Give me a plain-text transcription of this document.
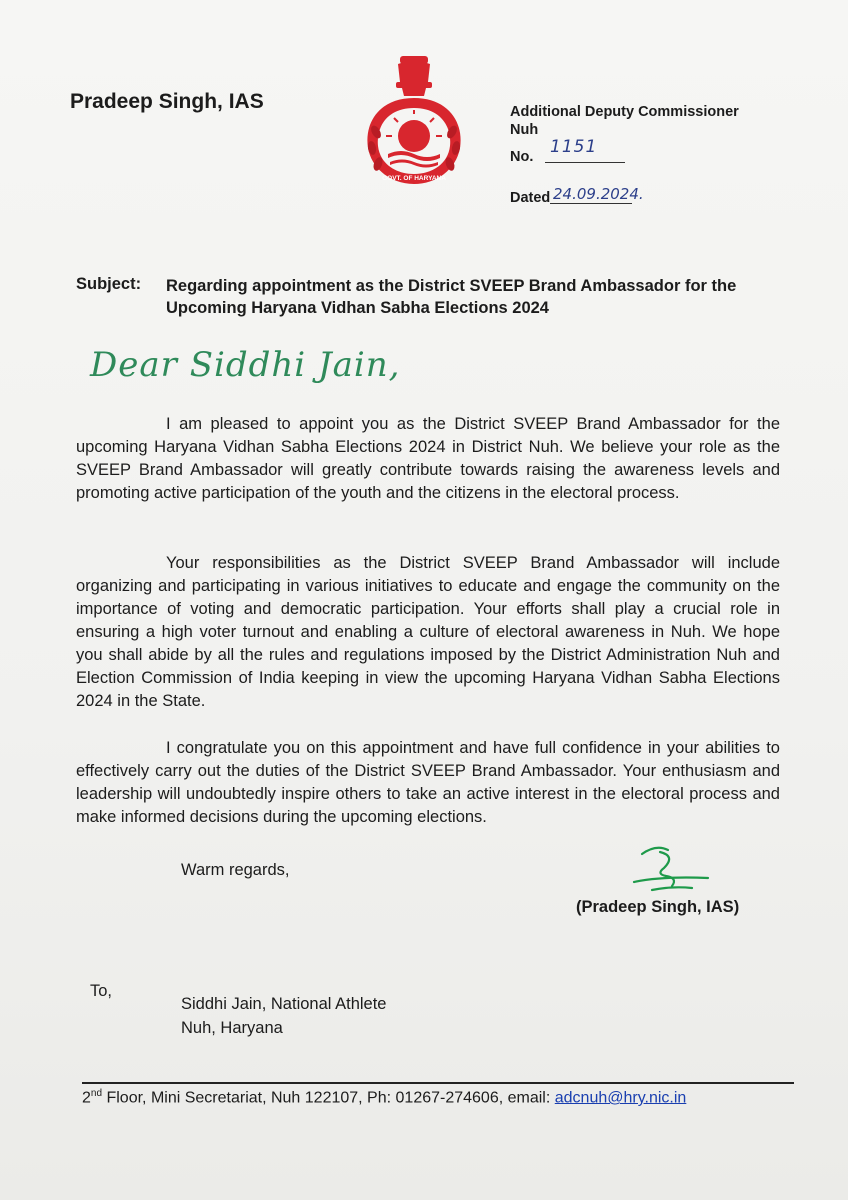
Pradeep Singh, IAS
GOVT. OF HARYANA
Additional Deputy Commissioner
Nuh
No. 1151
Dated 24.09.2024.
Subject: Regarding appointment as the District SVEEP Brand Ambassador for the Upcoming Haryana Vidhan Sabha Elections 2024
Dear Siddhi Jain,
I am pleased to appoint you as the District SVEEP Brand Ambassador for the upcoming Haryana Vidhan Sabha Elections 2024 in District Nuh. We believe your role as the SVEEP Brand Ambassador will greatly contribute towards raising the awareness levels and promoting active participation of the youth and the citizens in the electoral process.
Your responsibilities as the District SVEEP Brand Ambassador will include organizing and participating in various initiatives to educate and engage the community on the importance of voting and democratic participation. Your efforts shall play a crucial role in ensuring a high voter turnout and enabling a culture of electoral awareness in Nuh. We hope you shall abide by all the rules and regulations imposed by the District Administration Nuh and Election Commission of India keeping in view the upcoming Haryana Vidhan Sabha Elections 2024 in the State.
I congratulate you on this appointment and have full confidence in your abilities to effectively carry out the duties of the District SVEEP Brand Ambassador. Your enthusiasm and leadership will undoubtedly inspire others to take an active interest in the electoral process and make informed decisions during the upcoming elections.
Warm regards,
(Pradeep Singh, IAS)
To,
Siddhi Jain, National Athlete
Nuh, Haryana
2nd Floor, Mini Secretariat, Nuh 122107, Ph: 01267-274606, email: adcnuh@hry.nic.in
